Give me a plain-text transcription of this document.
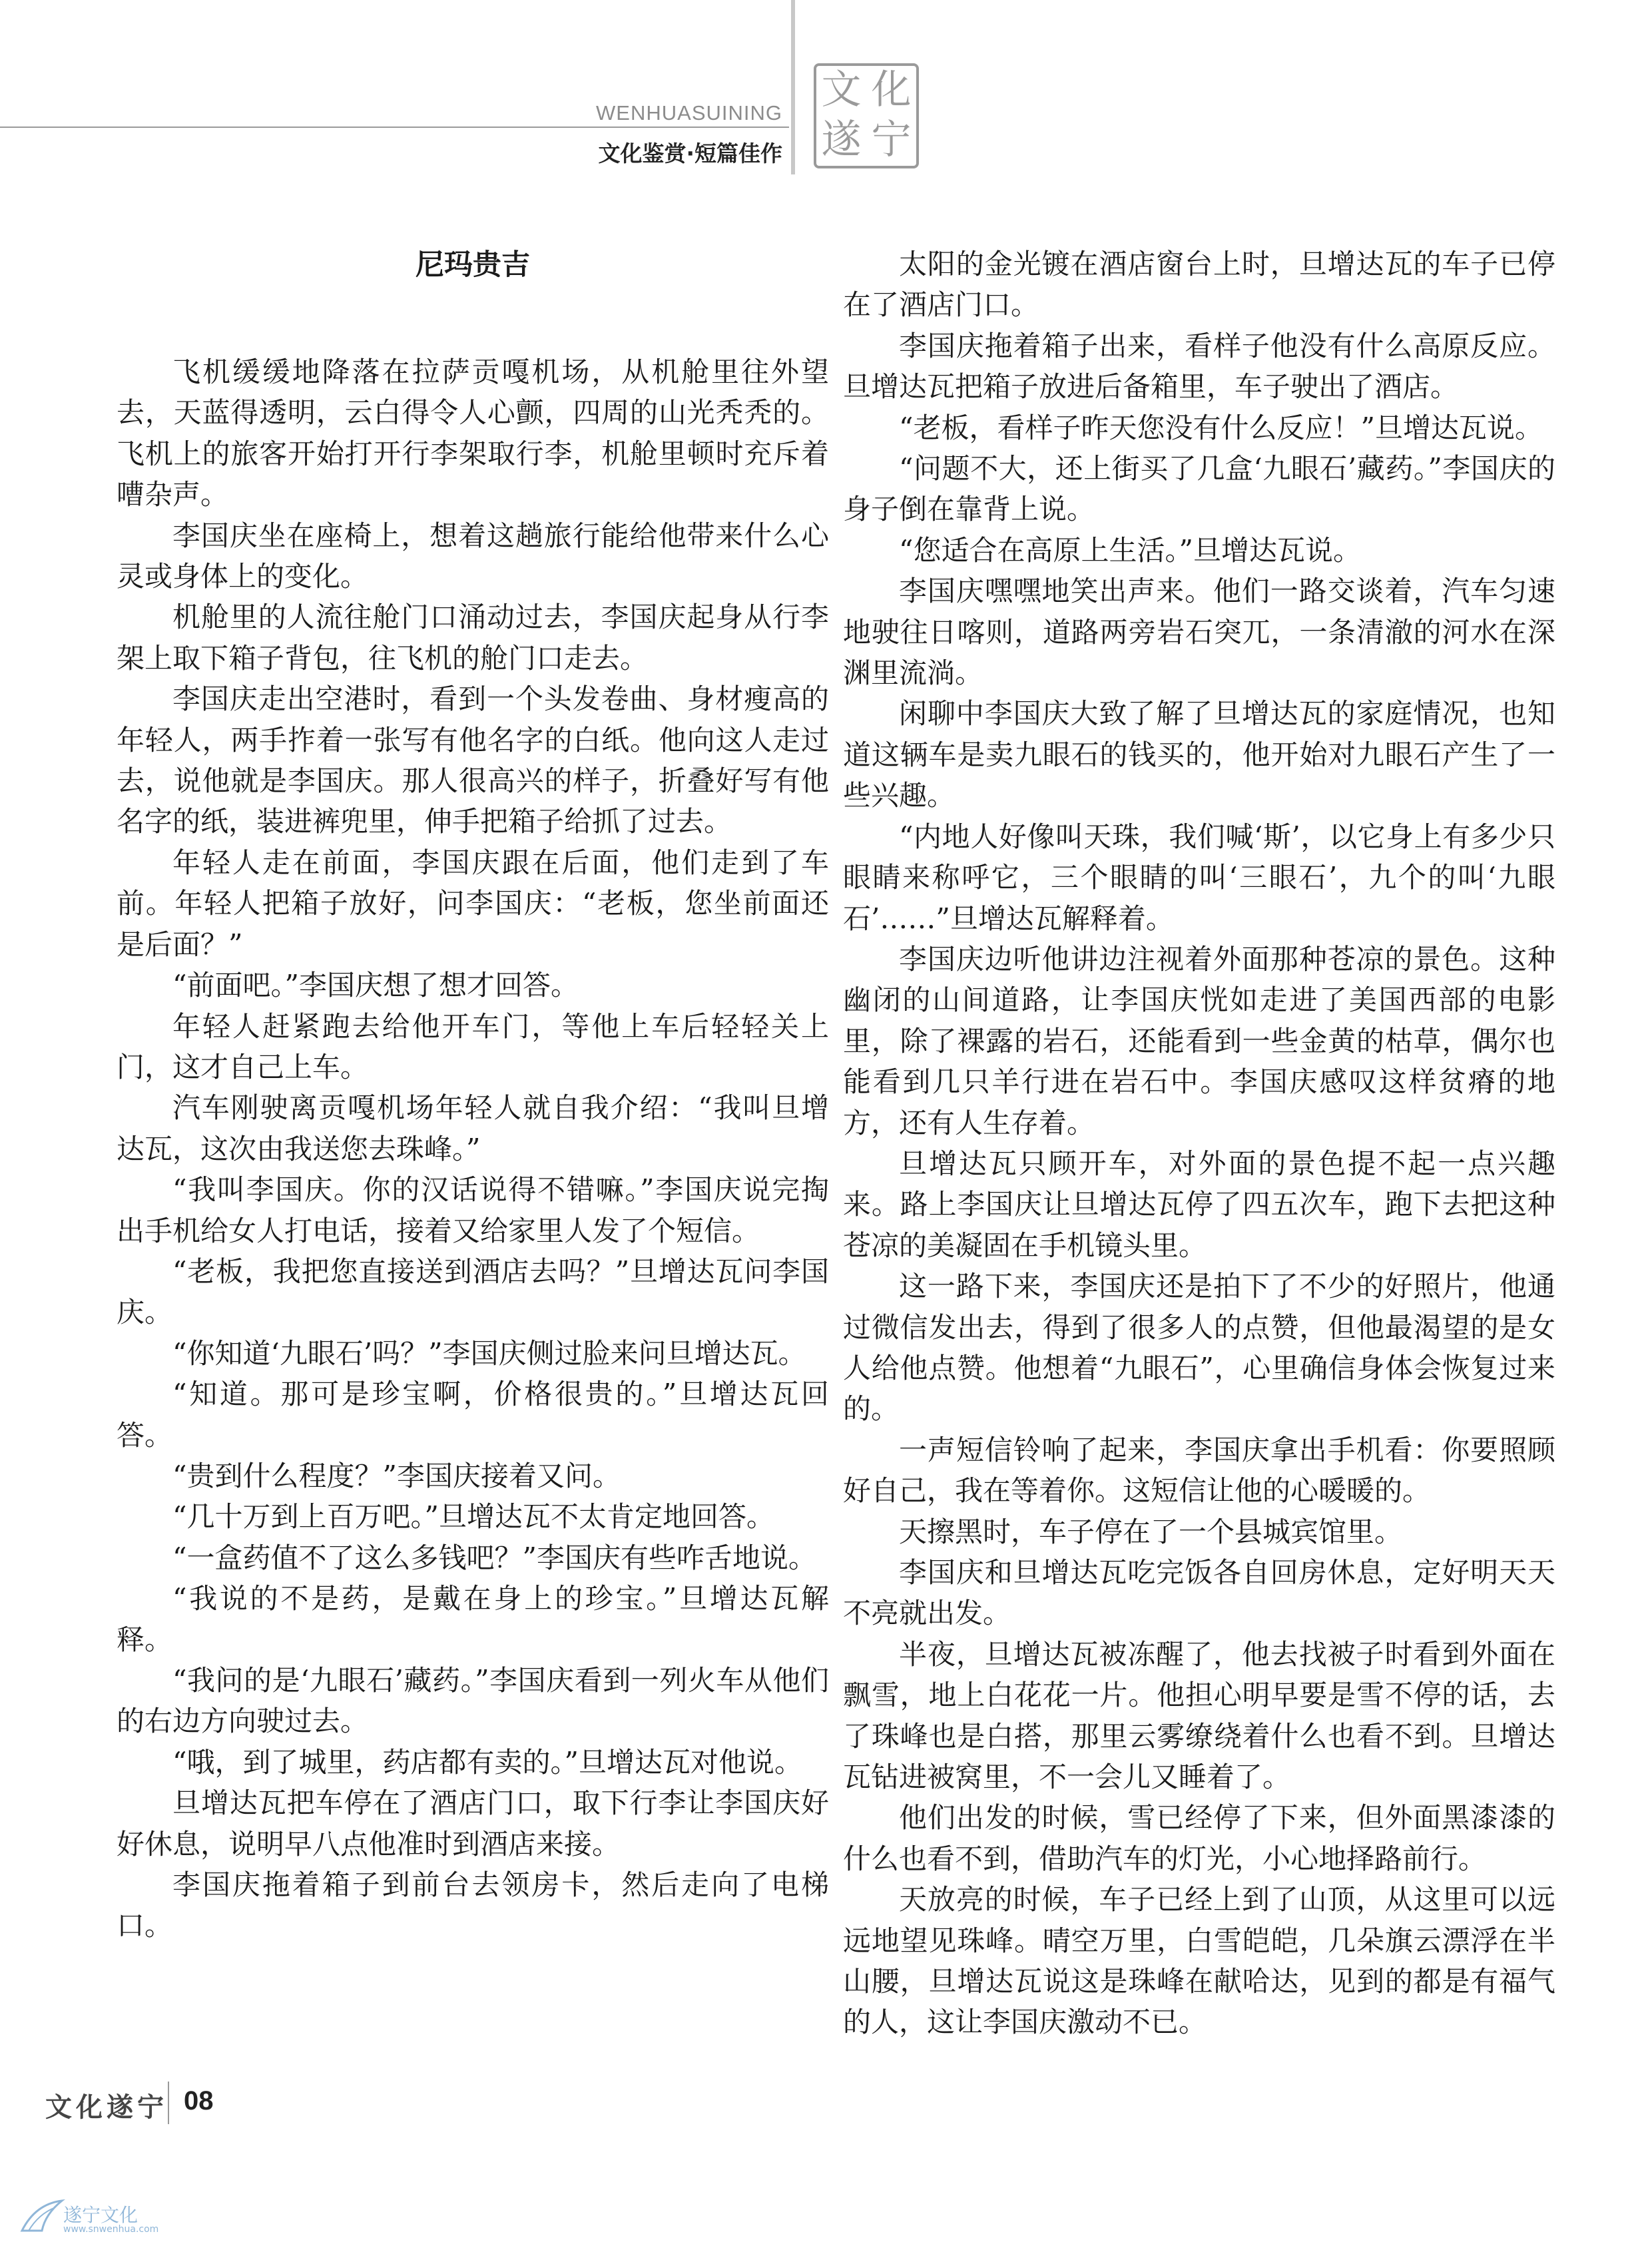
WENHUASUINING
文化鉴赏·短篇佳作
文 化
遂 宁
尼玛贵吉

飞机缓缓地降落在拉萨贡嘎机场，从机舱里往外望去，天蓝得透明，云白得令人心颤，四周的山光秃秃的。飞机上的旅客开始打开行李架取行李，机舱里顿时充斥着嘈杂声。

李国庆坐在座椅上，想着这趟旅行能给他带来什么心灵或身体上的变化。

机舱里的人流往舱门口涌动过去，李国庆起身从行李架上取下箱子背包，往飞机的舱门口走去。

李国庆走出空港时，看到一个头发卷曲、身材瘦高的年轻人，两手拃着一张写有他名字的白纸。他向这人走过去，说他就是李国庆。那人很高兴的样子，折叠好写有他名字的纸，装进裤兜里，伸手把箱子给抓了过去。

年轻人走在前面，李国庆跟在后面，他们走到了车前。年轻人把箱子放好，问李国庆：“老板，您坐前面还是后面？”

“前面吧。”李国庆想了想才回答。

年轻人赶紧跑去给他开车门，等他上车后轻轻关上门，这才自己上车。

汽车刚驶离贡嘎机场年轻人就自我介绍：“我叫旦增达瓦，这次由我送您去珠峰。”

“我叫李国庆。你的汉话说得不错嘛。”李国庆说完掏出手机给女人打电话，接着又给家里人发了个短信。

“老板，我把您直接送到酒店去吗？”旦增达瓦问李国庆。

“你知道‘九眼石’吗？”李国庆侧过脸来问旦增达瓦。

“知道。那可是珍宝啊，价格很贵的。”旦增达瓦回答。

“贵到什么程度？”李国庆接着又问。

“几十万到上百万吧。”旦增达瓦不太肯定地回答。

“一盒药值不了这么多钱吧？”李国庆有些咋舌地说。

“我说的不是药，是戴在身上的珍宝。”旦增达瓦解释。

“我问的是‘九眼石’藏药。”李国庆看到一列火车从他们的右边方向驶过去。

“哦，到了城里，药店都有卖的。”旦增达瓦对他说。

旦增达瓦把车停在了酒店门口，取下行李让李国庆好好休息，说明早八点他准时到酒店来接。

李国庆拖着箱子到前台去领房卡，然后走向了电梯口。

太阳的金光镀在酒店窗台上时，旦增达瓦的车子已停在了酒店门口。

李国庆拖着箱子出来，看样子他没有什么高原反应。旦增达瓦把箱子放进后备箱里，车子驶出了酒店。

“老板，看样子昨天您没有什么反应！”旦增达瓦说。

“问题不大，还上街买了几盒‘九眼石’藏药。”李国庆的身子倒在靠背上说。

“您适合在高原上生活。”旦增达瓦说。

李国庆嘿嘿地笑出声来。他们一路交谈着，汽车匀速地驶往日喀则，道路两旁岩石突兀，一条清澈的河水在深渊里流淌。

闲聊中李国庆大致了解了旦增达瓦的家庭情况，也知道这辆车是卖九眼石的钱买的，他开始对九眼石产生了一些兴趣。

“内地人好像叫天珠，我们喊‘斯’，以它身上有多少只眼睛来称呼它，三个眼睛的叫‘三眼石’，九个的叫‘九眼石’……”旦增达瓦解释着。

李国庆边听他讲边注视着外面那种苍凉的景色。这种幽闭的山间道路，让李国庆恍如走进了美国西部的电影里，除了裸露的岩石，还能看到一些金黄的枯草，偶尔也能看到几只羊行进在岩石中。李国庆感叹这样贫瘠的地方，还有人生存着。

旦增达瓦只顾开车，对外面的景色提不起一点兴趣来。路上李国庆让旦增达瓦停了四五次车，跑下去把这种苍凉的美凝固在手机镜头里。

这一路下来，李国庆还是拍下了不少的好照片，他通过微信发出去，得到了很多人的点赞，但他最渴望的是女人给他点赞。他想着“九眼石”，心里确信身体会恢复过来的。

一声短信铃响了起来，李国庆拿出手机看：你要照顾好自己，我在等着你。这短信让他的心暖暖的。

天擦黑时，车子停在了一个县城宾馆里。

李国庆和旦增达瓦吃完饭各自回房休息，定好明天天不亮就出发。

半夜，旦增达瓦被冻醒了，他去找被子时看到外面在飘雪，地上白花花一片。他担心明早要是雪不停的话，去了珠峰也是白搭，那里云雾缭绕着什么也看不到。旦增达瓦钻进被窝里，不一会儿又睡着了。

他们出发的时候，雪已经停了下来，但外面黑漆漆的什么也看不到，借助汽车的灯光，小心地择路前行。

天放亮的时候，车子已经上到了山顶，从这里可以远远地望见珠峰。晴空万里，白雪皑皑，几朵旗云漂浮在半山腰，旦增达瓦说这是珠峰在献哈达，见到的都是有福气的人，这让李国庆激动不已。

文化遂宁 08
遂宁文化
www.snwenhua.com
